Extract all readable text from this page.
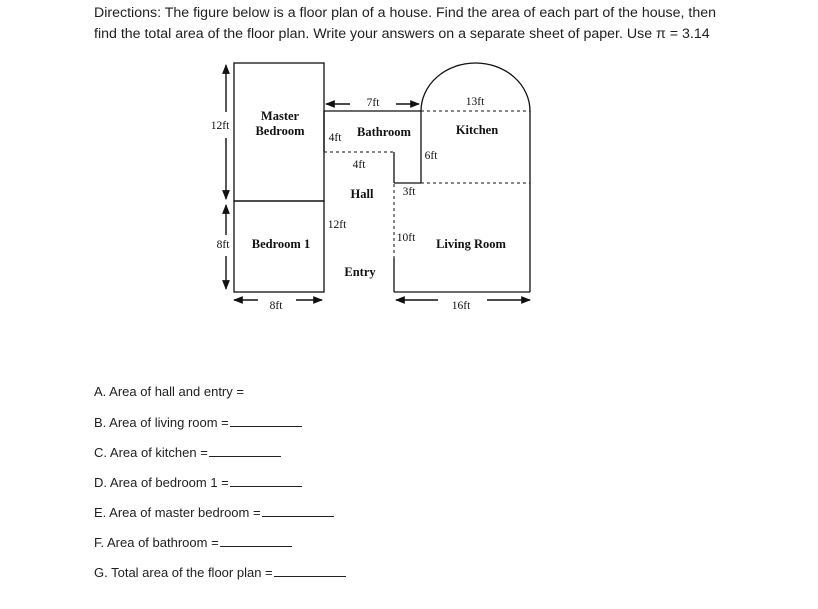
Directions: The figure below is a floor plan of a house. Find the area of each part of the house, then find the total area of the floor plan. Write your answers on a separate sheet of paper. Use π = 3.14

Master
Bedroom
Bedroom 1
Bathroom	Kitchen
Hall
Entry
Living Room
12ft
8ft
8ft
7ft
4ft
4ft
3ft
12ft
13ft
6ft
10ft
16ft
A. Area of hall and entry =
B. Area of living room =
C. Area of kitchen =
D. Area of bedroom 1 =
E. Area of master bedroom =
F. Area of bathroom =
G. Total area of the floor plan =
